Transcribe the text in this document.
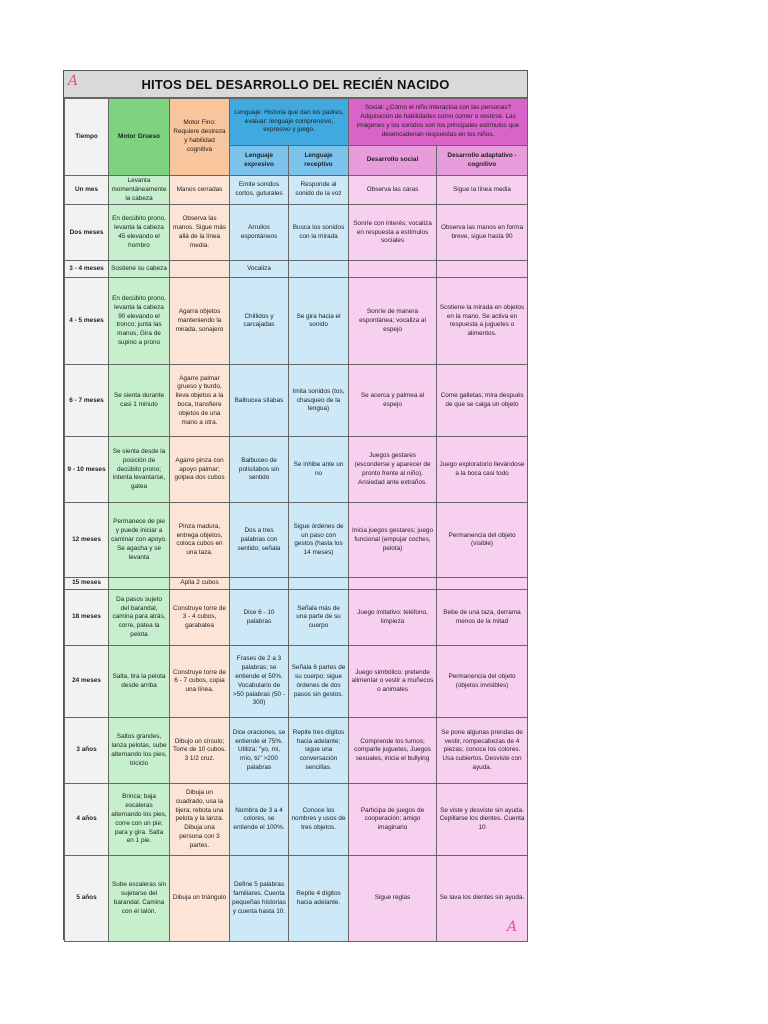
HITOS DEL DESARROLLO DEL RECIÉN NACIDO
A
Tiempo	Motor Grueso	Motor Fino: Requiere destreza y habilidad cognitiva	Lenguaje: Historia que dan los padres, evaluar: lenguaje comprensivo, expresivo y juego.		Social: ¿Cómo el niño interactúa con las personas? Adquisición de habilidades como comer o vestirse. Las imágenes y los sonidos son los principales estímulos que desencadenan respuestas en los niños.	
			Lenguaje expresivo	Lenguaje receptivo	Desarrollo social	Desarrollo adaptativo - cognitivo
Un mes	Levanta momentáneamente la cabeza	Manos cerradas	Emite sonidos cortos, guturales	Responde al sonido de la voz	Observa las caras	Sigue la línea media
Dos meses	En decúbito prono, levanta la cabeza 45 elevando el hombro	Observa las manos. Sigue más allá de la línea media.	Arrullos espontáneos	Busca los sonidos con la mirada	Sonríe con interés; vocaliza en respuesta a estímulos sociales	Observa las manos en forma breve, sigue hasta 90
3 - 4 meses	Sostiene su cabeza		Vocaliza			
4 - 5 meses	En decúbito prono, levanta la cabeza 90 elevando el tronco; junta las manos, Gira de supino a prono	Agarra objetos manteniendo la mirada, sonajero	Chillidos y carcajadas	Se gira hacia el sonido	Sonríe de manera espontánea; vocaliza al espejo	Sostiene la mirada en objetos en la mano. Se activa en respuesta a juguetes o alimentos.
6 - 7 meses	Se sienta durante casi 1 minuto	Agarre palmar grueso y burdo, lleva objetos a la boca, transfiere objetos de una mano a otra.	Balbucea sílabas	Imita sonidos (tos, chasqueo de la lengua)	Se acerca y palmea al espejo	Come galletas; mira después de que se caiga un objeto
9 - 10 meses	Se sienta desde la posición de decúbito prono; intenta levantarse, gatea	Agarre pinza con apoyo palmar; golpea dos cubos	Balbuceo de polisílabos sin sentido	Se inhibe ante un no	Juegos gestares (esconderse y aparecer de pronto frente al niño). Ansiedad ante extraños.	Juego exploratorio llevándose a la boca casi todo
12 meses	Permanece de pie y puede iniciar a caminar con apoyo. Se agacha y se levanta	Pinza madura, entrega objetos, coloca cubos en una taza.	Dos a tres palabras con sentido; señala	Sigue órdenes de un paso con gestos (hasta los 14 meses)	Inicia juegos gestares; juego funcional (empujar coches, pelota)	Permanencia del objeto (visible)
15 meses		Apila 2 cubos				
18 meses	Da pasos sujeto del barandal, camina para atrás, corre, patea la pelota	Construye torre de 3 - 4 cubos, garabatea	Dice 6 - 10 palabras	Señala más de una parte de su cuerpo	Juego imitativo: teléfono, limpieza	Bebe de una taza, derrama menos de la mitad
24 meses	Salta, tira la pelota desde arriba	Construye torre de 6 - 7 cubos, copia una línea.	Frases de 2 a 3 palabras; se entiende el 50%. Vocabulario de >50 palabras (50 - 300)	Señala 6 partes de su cuerpo; sigue órdenes de dos pasos sin gestos.	Juego simbólico: pretende alimentar o vestir a muñecos o animales	Permanencia del objeto (objetos invisibles)
3 años	Saltos grandes, lanza pelotas, sube alternando los pies, triciclo	Dibujo un círculo; Torre de 10 cubos. 3 1/2 cruz.	Dice oraciones, se entiende el 75%. Utiliza: "yo, mi, mío, tú" >200 palabras	Repite tres dígitos hacia adelante; sigue una conversación sencillas.	Comprende los turnos; comparte juguetes, Juegos sexuales, inicia el bullying	Se pone algunas prendas de vestir, rompecabezas de 4 piezas; conoce los colores. Usa cubiertos. Desviste con ayuda.
4 años	Brinca; baja escaleras alternando los pies, corre con un pie; para y gira. Salta en 1 pie.	Dibuja un cuadrado, usa la tijera; rebota una pelota y la lanza. Dibuja una persona con 3 partes.	Nombra de 3 a 4 colores, se entiende el 100%.	Conoce los nombres y usos de tres objetos.	Participa de juegos de cooperación; amigo imaginario	Se viste y desviste sin ayuda. Cepillarse los dientes. Cuenta 10
5 años	Sube escaleras sin sujetarse del barandal. Camina con el talón.	Dibuja un triángulo	Define 5 palabras familiares. Cuenta pequeñas historias y cuenta hasta 10.	Repite 4 dígitos hacia adelante.	Sigue reglas	Se lava los dientes sin ayuda.
A
